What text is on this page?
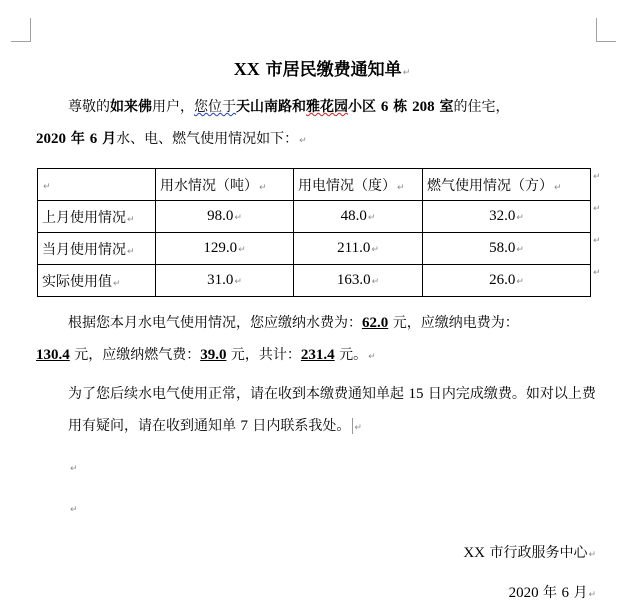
XX 市居民缴费通知单↵
尊敬的如来佛用户，您位于天山南路和雅花园小区 6 栋 208 室的住宅，
2020 年 6 月水、电、燃气使用情况如下：↵
↵	用水情况（吨）↵	用电情况（度）↵	燃气使用情况（方）↵
上月使用情况↵	98.0↵	48.0↵	32.0↵
当月使用情况↵	129.0↵	211.0↵	58.0↵
实际使用值↵	31.0↵	163.0↵	26.0↵
↵
↵
↵
↵
根据您本月水电气使用情况，您应缴纳水费为：62.0 元，应缴纳电费为：
130.4 元，应缴纳燃气费：39.0 元，共计：231.4 元。↵
为了您后续水电气使用正常，请在收到本缴费通知单起 15 日内完成缴费。如对以上费用有疑问，请在收到通知单 7 日内联系我处。 ↵
↵
↵
XX 市行政服务中心↵
2020 年 6 月↵
